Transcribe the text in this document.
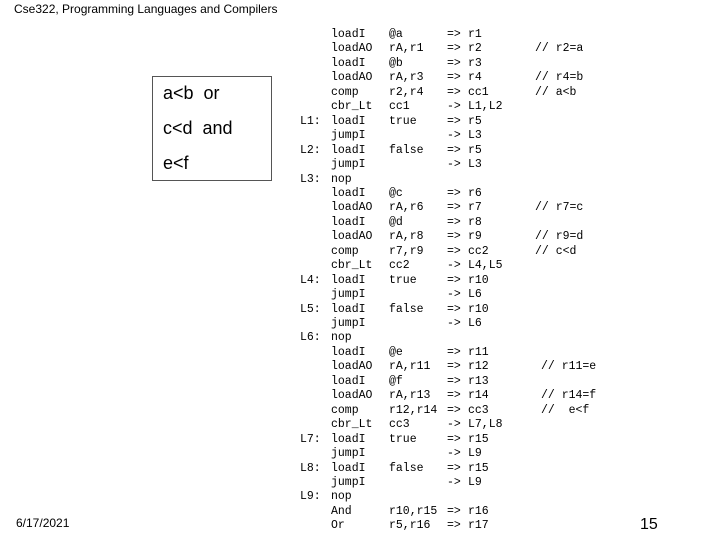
Cse322, Programming Languages and Compilers
a<b  or
c<d  and
e<f
loadI @a	=> r1
loadAO rA,r1 => r2	// r2=a
loadI @b	=> r3
loadAO rA,r3 => r4	// r4=b
comp	r2,r4 => cc1	// a<b
cbr_Lt cc1	-> L1,L2
L1: loadI true	=> r5
jumpI	-> L3
L2: loadI false => r5
jumpI	-> L3
L3: nop
loadI @c	=> r6
loadAO rA,r6 => r7	// r7=c
loadI @d	=> r8
loadAO rA,r8 => r9	// r9=d
comp	r7,r9 => cc2	// c<d
cbr_Lt cc2	-> L4,L5
L4: loadI true	=> r10
jumpI	-> L6
L5: loadI false => r10
jumpI	-> L6
L6: nop
loadI @e	=> r11
loadAO rA,r11 => r12	// r11=e
loadI @f	=> r13
loadAO rA,r13 => r14	// r14=f
comp	r12,r14 => cc3	//  e<f
cbr_Lt cc3	-> L7,L8
L7: loadI true	=> r15
jumpI	-> L9
L8: loadI false => r15
jumpI	-> L9
L9: nop
And	r10,r15 => r16
Or	r5,r16 => r17
6/17/2021	15
